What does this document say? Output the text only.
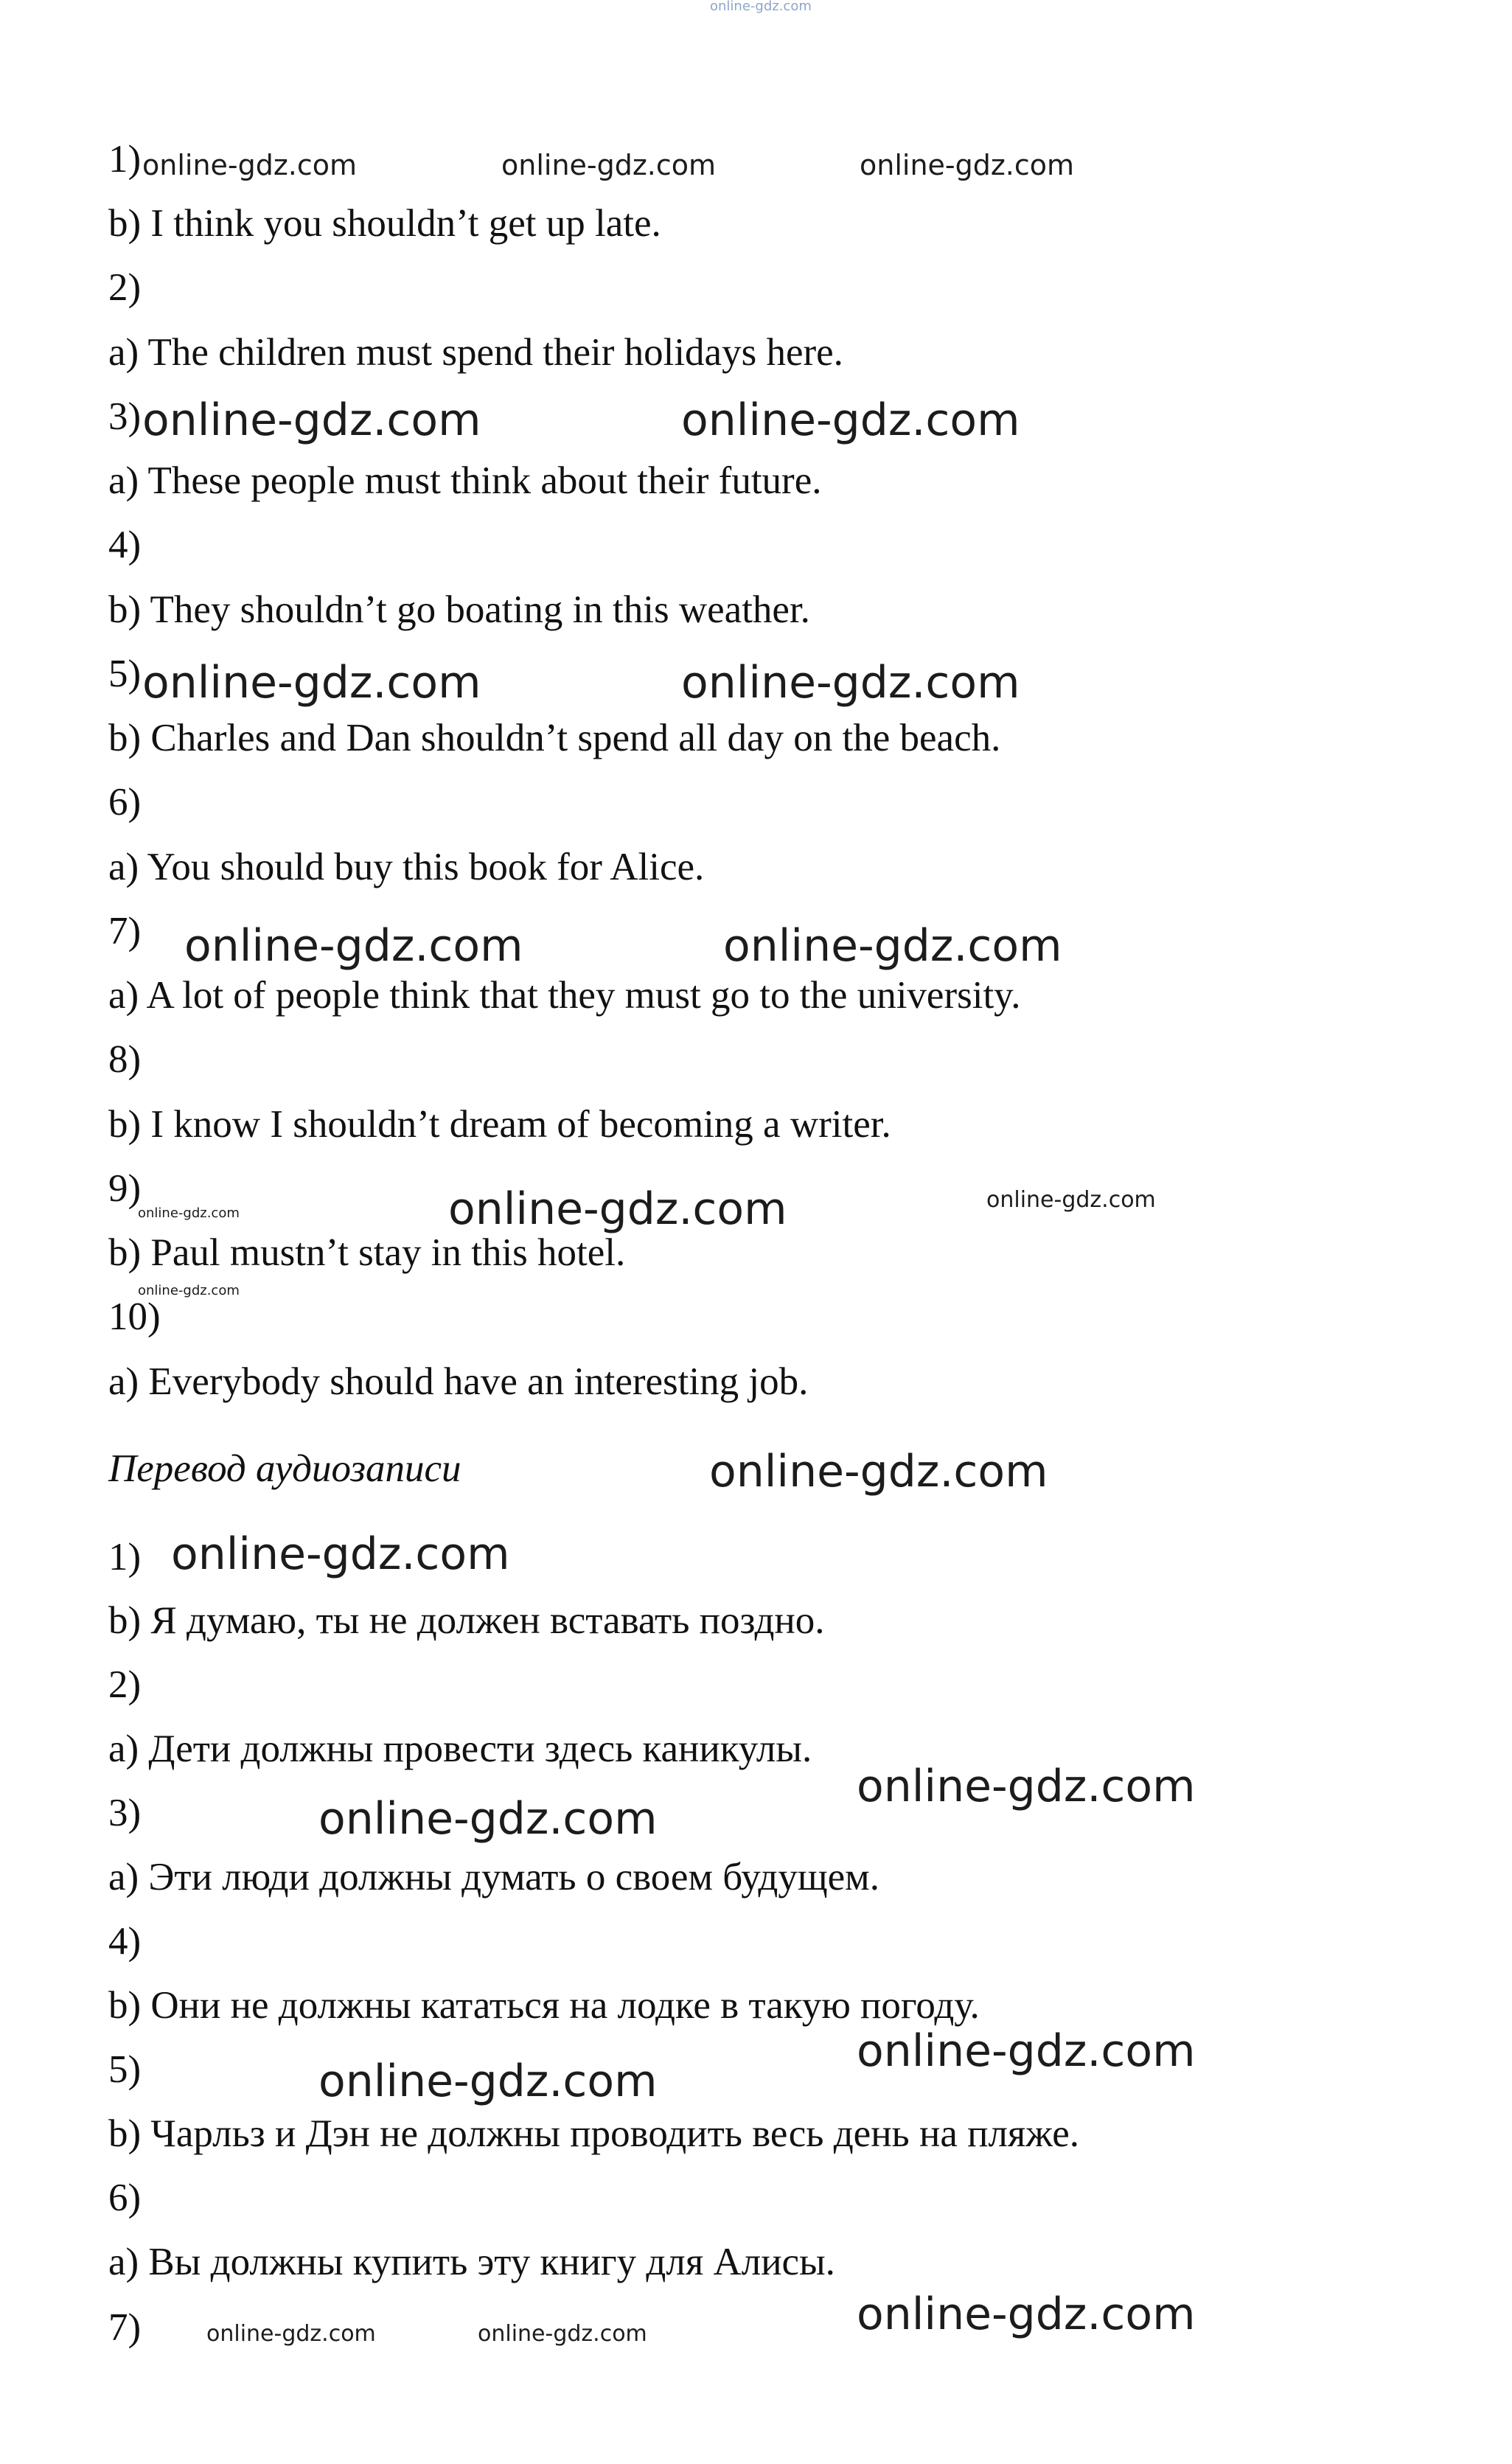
online-gdz.com
1)
b) I think you shouldn’t get up late.
2)
a) The children must spend their holidays here.
3)
a) These people must think about their future.
4)
b) They shouldn’t go boating in this weather.
5)
b) Charles and Dan shouldn’t spend all day on the beach.
6)
a) You should buy this book for Alice.
7)
a) A lot of people think that they must go to the university.
8)
b) I know I shouldn’t dream of becoming a writer.
9)
b) Paul mustn’t stay in this hotel.
10)
a) Everybody should have an interesting job.
Перевод аудиозаписи
1)
b) Я думаю, ты не должен вставать поздно.
2)
a) Дети должны провести здесь каникулы.
3)
a) Эти люди должны думать о своем будущем.
4)
b) Они не должны кататься на лодке в такую погоду.
5)
b) Чарльз и Дэн не должны проводить весь день на пляже.
6)
a) Вы должны купить эту книгу для Алисы.
7)
online-gdz.com	online-gdz.com	online-gdz.com
online-gdz.com	online-gdz.com
online-gdz.com	online-gdz.com
online-gdz.com	online-gdz.com
online-gdz.com	online-gdz.com	online-gdz.com
online-gdz.com
online-gdz.com
online-gdz.com
online-gdz.com
online-gdz.com
online-gdz.com
online-gdz.com
online-gdz.com
online-gdz.com	online-gdz.com
